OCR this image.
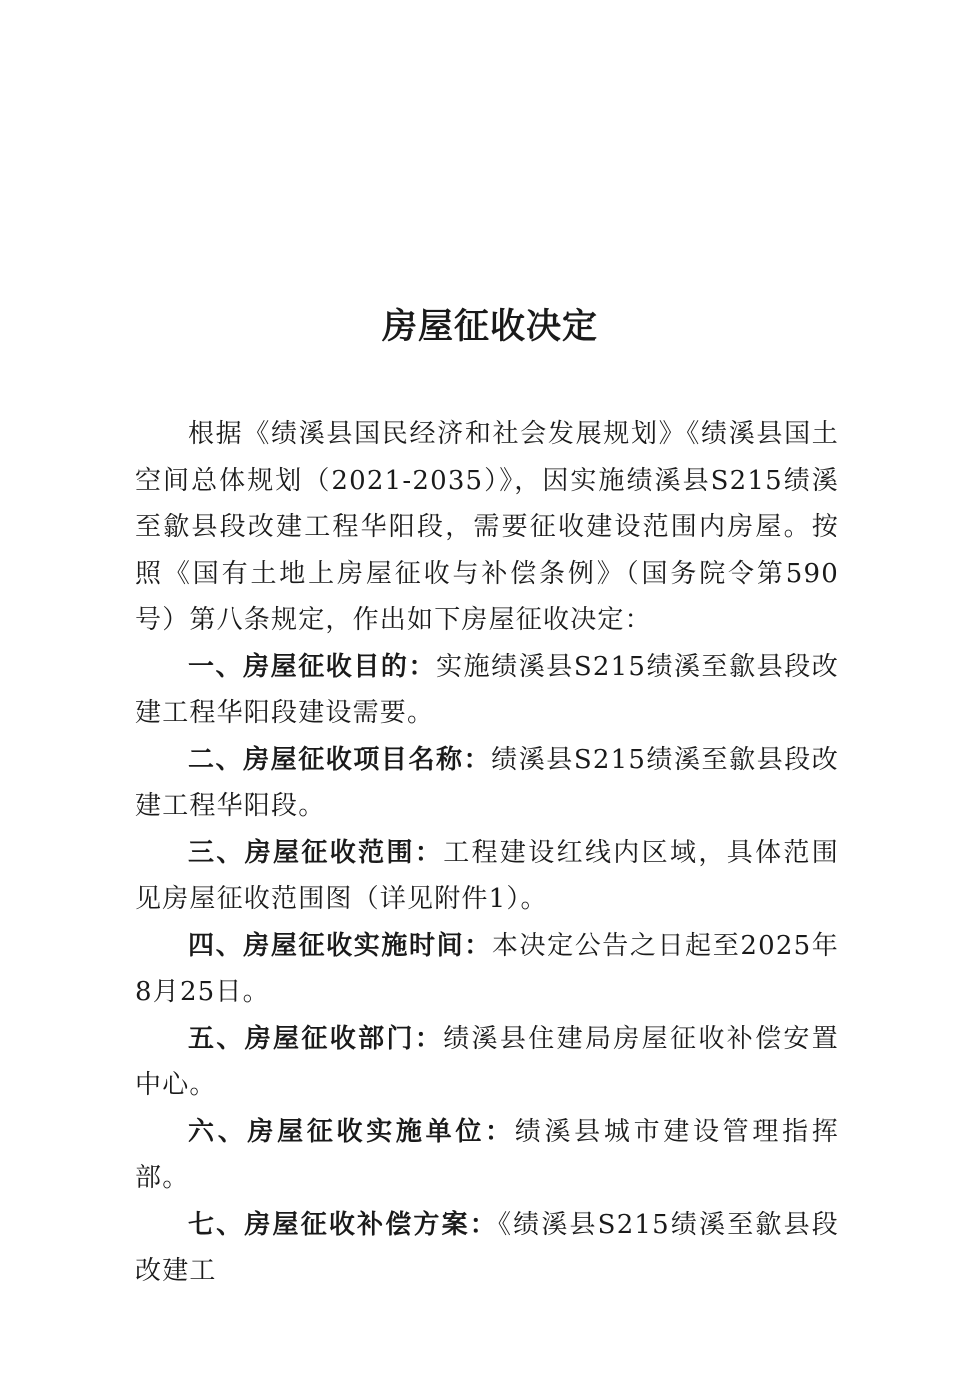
房屋征收决定

根据《绩溪县国民经济和社会发展规划》《绩溪县国土空间总体规划（2021-2035）》，因实施绩溪县S215绩溪至歙县段改建工程华阳段，需要征收建设范围内房屋。按照《国有土地上房屋征收与补偿条例》（国务院令第590号）第八条规定，作出如下房屋征收决定：

一、房屋征收目的：实施绩溪县S215绩溪至歙县段改建工程华阳段建设需要。

二、房屋征收项目名称：绩溪县S215绩溪至歙县段改建工程华阳段。

三、房屋征收范围：工程建设红线内区域，具体范围见房屋征收范围图（详见附件1）。

四、房屋征收实施时间：本决定公告之日起至2025年8月25日。

五、房屋征收部门：绩溪县住建局房屋征收补偿安置中心。

六、房屋征收实施单位：绩溪县城市建设管理指挥部。

七、房屋征收补偿方案：《绩溪县S215绩溪至歙县段改建工
